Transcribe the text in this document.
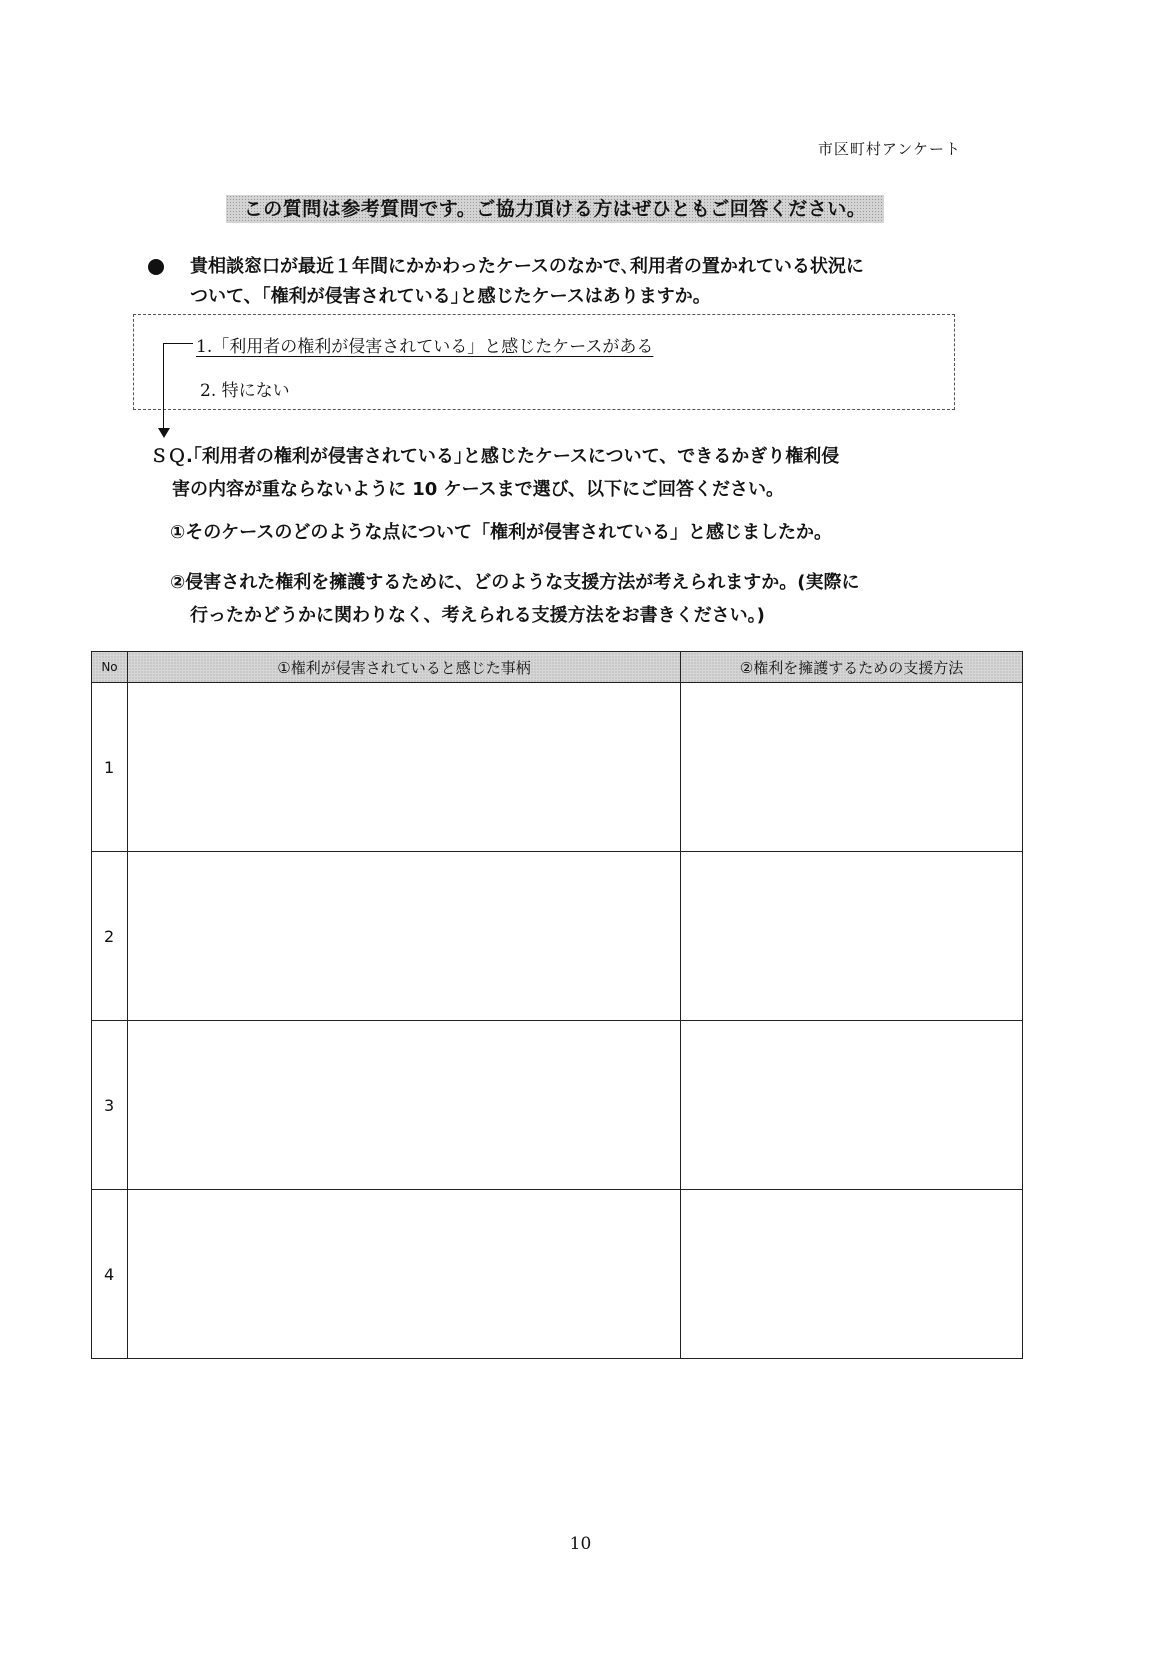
市区町村アンケート
この質問は参考質問です。ご協力頂ける方はぜひともご回答ください。
貴相談窓口が最近１年間にかかわったケースのなかで､利用者の置かれている状況に
ついて、｢権利が侵害されている｣と感じたケースはありますか。
1.「利用者の権利が侵害されている」と感じたケースがある
2. 特にない
ＳＱ.｢利用者の権利が侵害されている｣と感じたケースについて、できるかぎり権利侵
害の内容が重ならないように 10 ケースまで選び、以下にご回答ください。
①そのケースのどのような点について「権利が侵害されている」と感じましたか。
②侵害された権利を擁護するために、どのような支援方法が考えられますか。(実際に
行ったかどうかに関わりなく、考えられる支援方法をお書きください。)
No	①権利が侵害されていると感じた事柄	②権利を擁護するための支援方法
1		
2		
3		
4		
10
